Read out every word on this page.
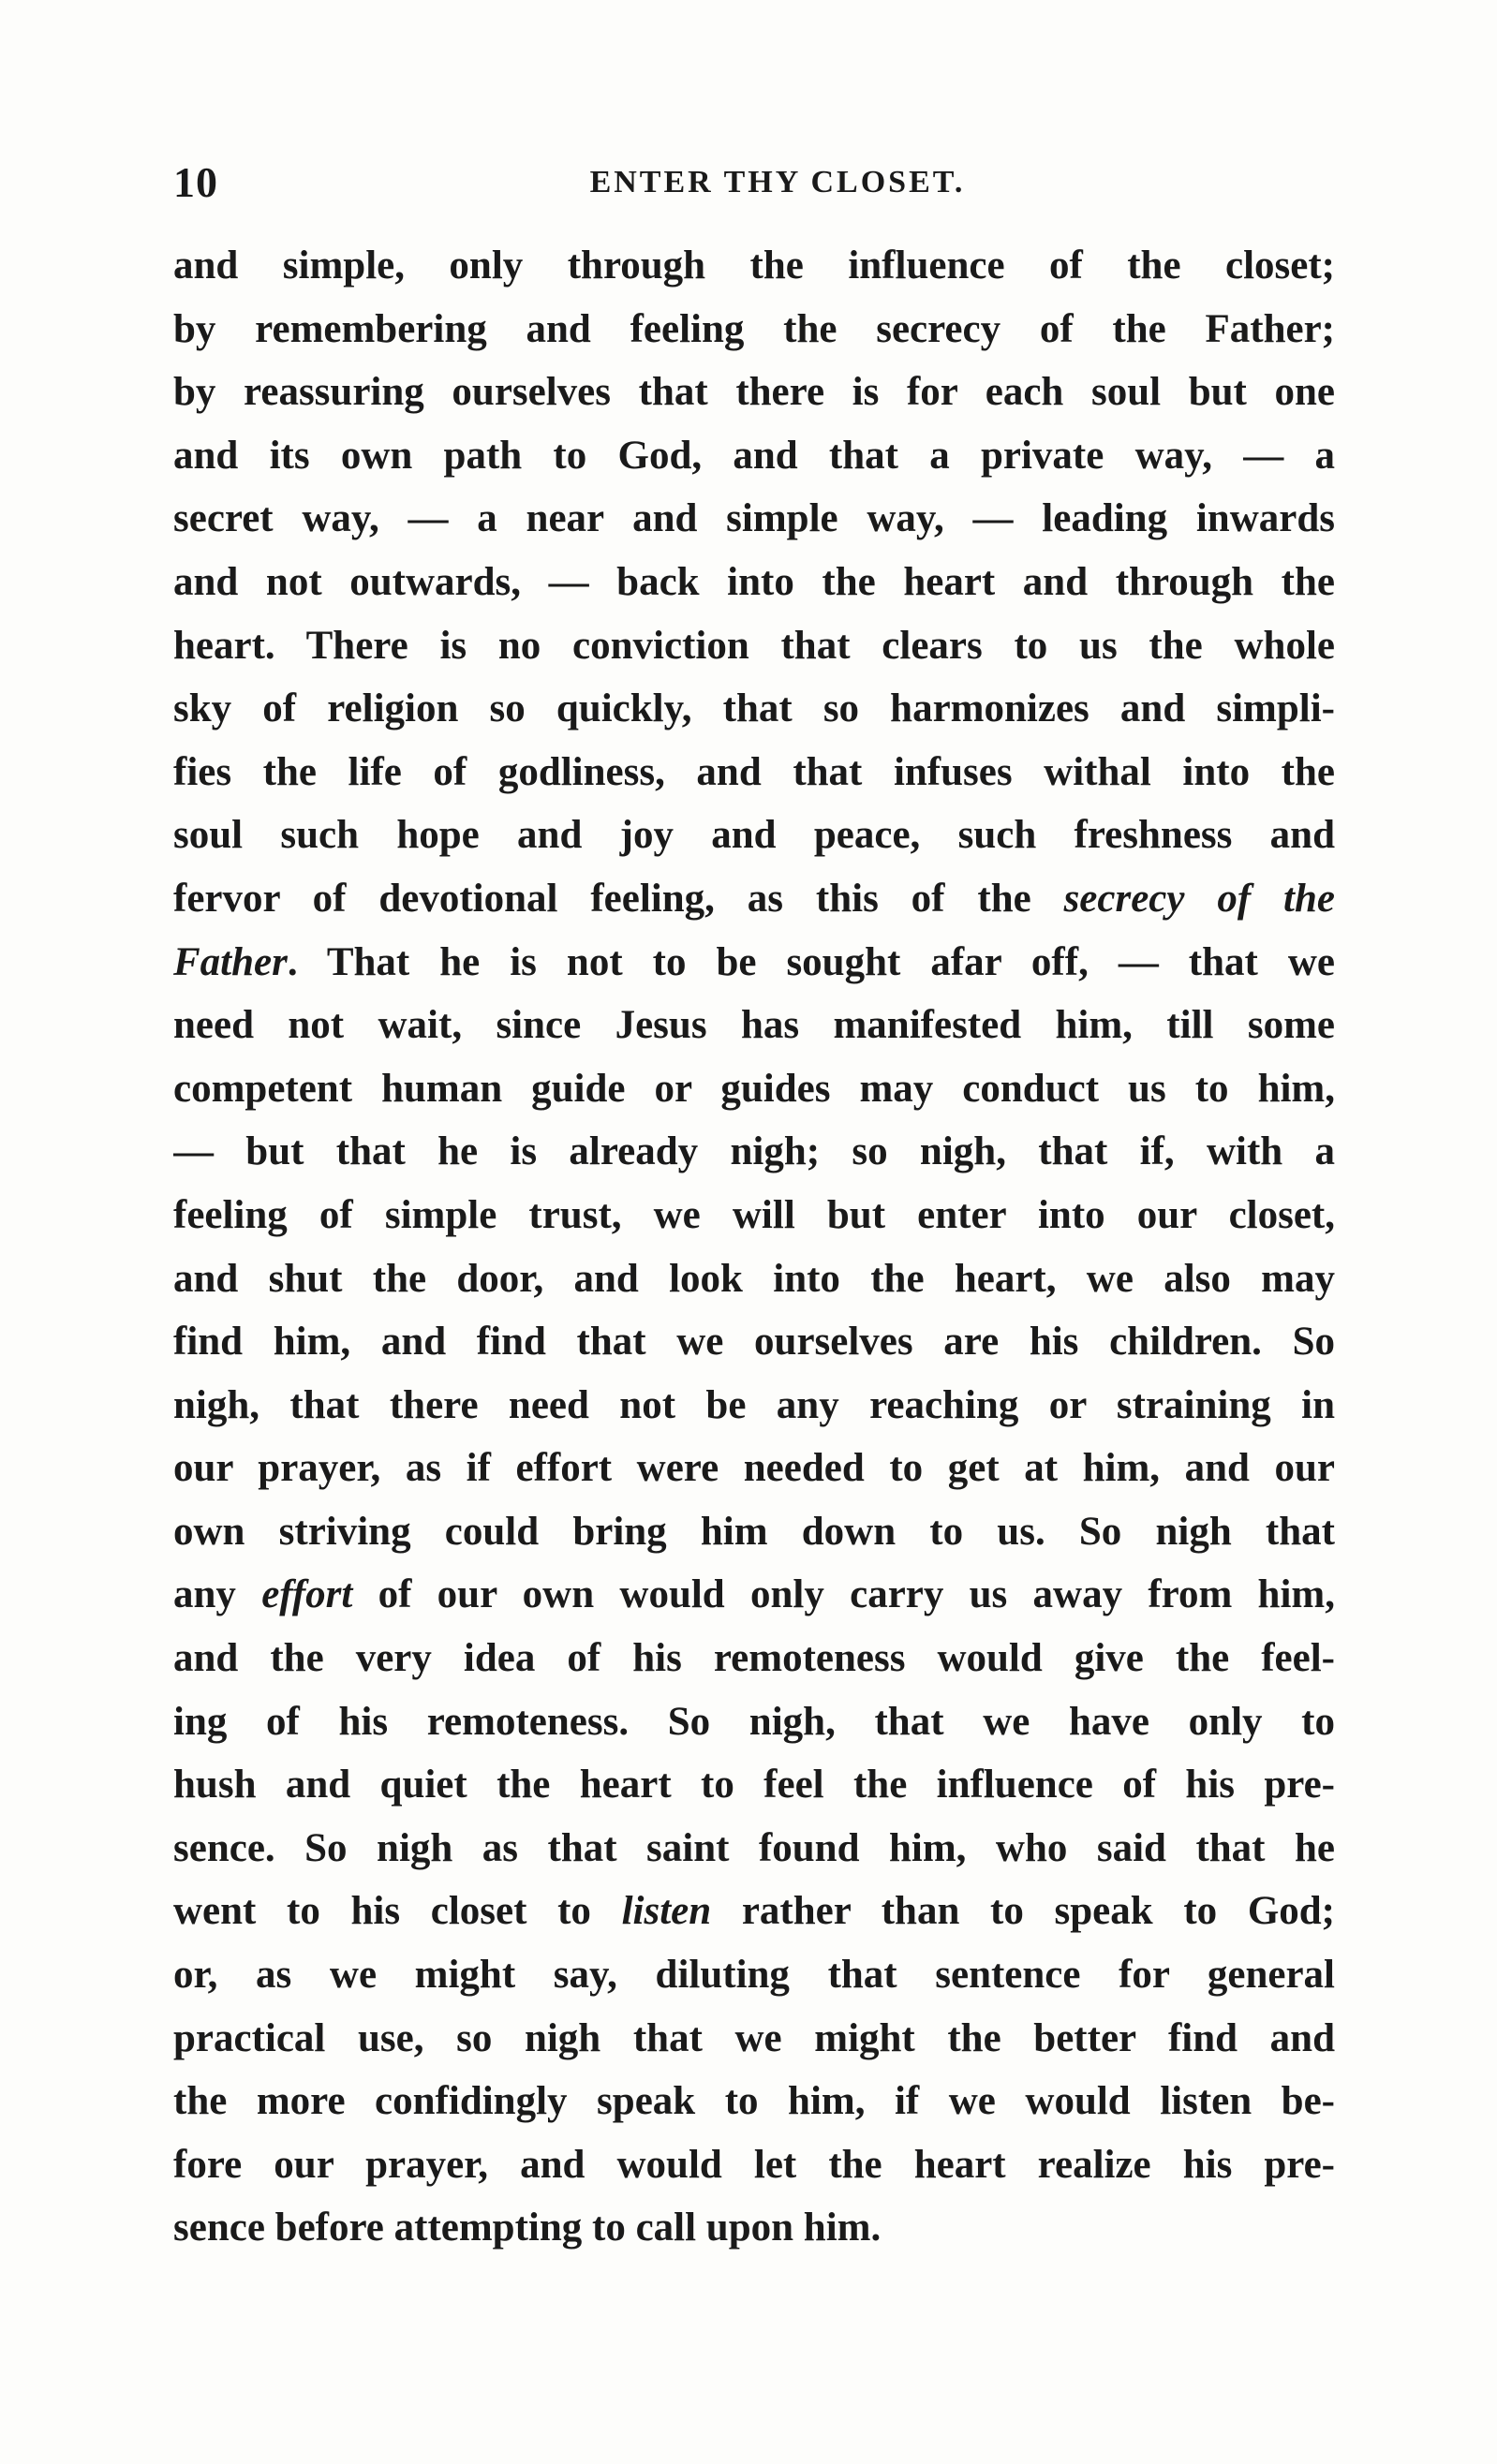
10	ENTER THY CLOSET.
and simple, only through the influence of the closet;
by remembering and feeling the secrecy of the Father;
by reassuring ourselves that there is for each soul but one
and its own path to God, and that a private way, — a
secret way, — a near and simple way, — leading inwards
and not outwards, — back into the heart and through the
heart. There is no conviction that clears to us the whole
sky of religion so quickly, that so harmonizes and simpli-
fies the life of godliness, and that infuses withal into the
soul such hope and joy and peace, such freshness and
fervor of devotional feeling, as this of the secrecy of the
Father. That he is not to be sought afar off, — that we
need not wait, since Jesus has manifested him, till some
competent human guide or guides may conduct us to him,
— but that he is already nigh; so nigh, that if, with a
feeling of simple trust, we will but enter into our closet,
and shut the door, and look into the heart, we also may
find him, and find that we ourselves are his children. So
nigh, that there need not be any reaching or straining in
our prayer, as if effort were needed to get at him, and our
own striving could bring him down to us. So nigh that
any effort of our own would only carry us away from him,
and the very idea of his remoteness would give the feel-
ing of his remoteness. So nigh, that we have only to
hush and quiet the heart to feel the influence of his pre-
sence. So nigh as that saint found him, who said that he
went to his closet to listen rather than to speak to God;
or, as we might say, diluting that sentence for general
practical use, so nigh that we might the better find and
the more confidingly speak to him, if we would listen be-
fore our prayer, and would let the heart realize his pre-
sence before attempting to call upon him.
